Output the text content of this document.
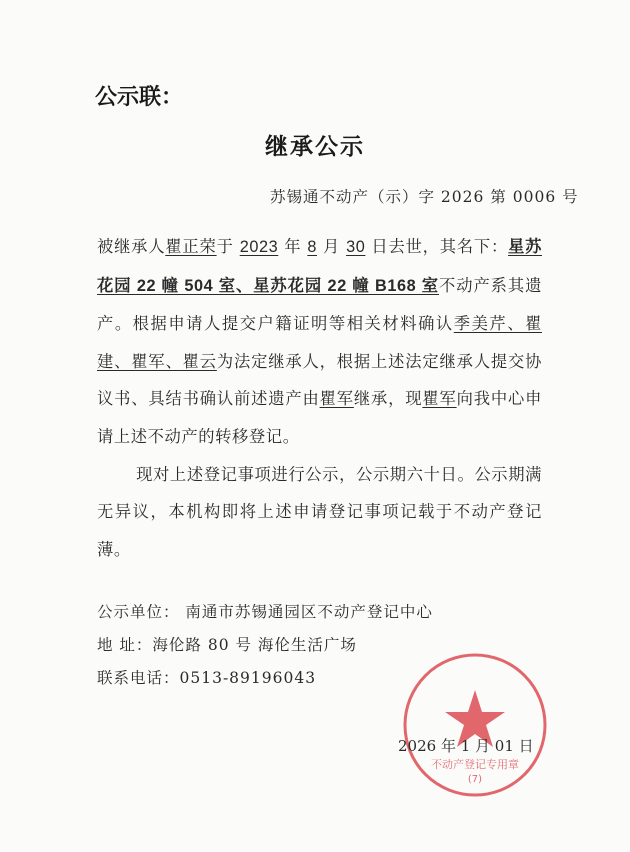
公示联：
继承公示
苏锡通不动产（示）字 2026 第 0006 号
不动产登记专用章
(7)

被继承人瞿正荣于 2023 年 8 月 30 日去世，其名下：星苏花园 22 幢 504 室、星苏花园 22 幢 B168 室不动产系其遗产。根据申请人提交户籍证明等相关材料确认季美芹、瞿建、瞿军、瞿云为法定继承人，根据上述法定继承人提交协议书、具结书确认前述遗产由瞿军继承，现瞿军向我中心申请上述不动产的转移登记。

现对上述登记事项进行公示，公示期六十日。公示期满无异议，本机构即将上述申请登记事项记载于不动产登记薄。

公示单位： 南通市苏锡通园区不动产登记中心
地 址：海伦路 80 号 海伦生活广场
联系电话：0513-89196043
2026 年 1 月 01 日
